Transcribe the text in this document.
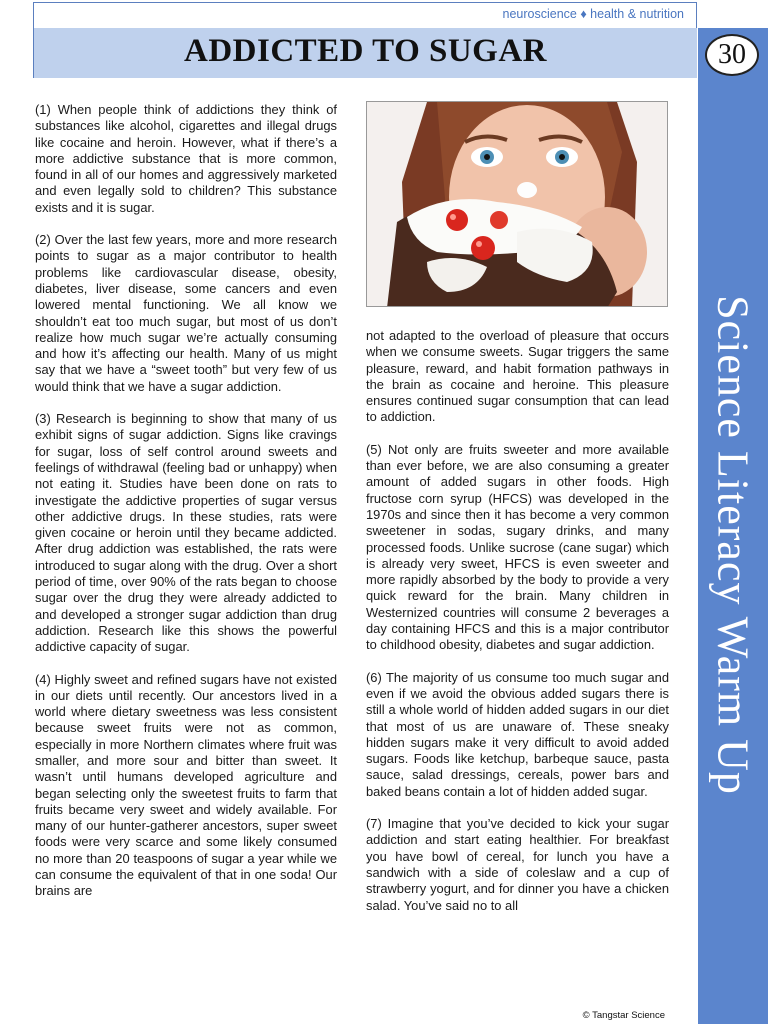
neuroscience ♦ health & nutrition
ADDICTED TO SUGAR	30
Science Literacy Warm Up

(1) When people think of addictions they think of substances like alcohol, cigarettes and illegal drugs like cocaine and heroin. However, what if there’s a more addictive substance that is more common, found in all of our homes and aggressively marketed and even legally sold to children? This substance exists and it is sugar.

(2) Over the last few years, more and more research points to sugar as a major contributor to health problems like cardiovascular disease, obesity, diabetes, liver disease, some cancers and even lowered mental functioning. We all know we shouldn’t eat too much sugar, but most of us don’t realize how much sugar we’re actually consuming and how it’s affecting our health. Many of us might say that we have a “sweet tooth” but very few of us would think that we have a sugar addiction.

(3) Research is beginning to show that many of us exhibit signs of sugar addiction. Signs like cravings for sugar, loss of self control around sweets and feelings of withdrawal (feeling bad or unhappy) when not eating it. Studies have been done on rats to investigate the addictive properties of sugar versus other addictive drugs. In these studies, rats were given cocaine or heroin until they became addicted. After drug addiction was established, the rats were introduced to sugar along with the drug. Over a short period of time, over 90% of the rats began to choose sugar over the drug they were already addicted to and developed a stronger sugar addiction than drug addiction. Research like this shows the powerful addictive capacity of sugar.

(4) Highly sweet and refined sugars have not existed in our diets until recently. Our ancestors lived in a world where dietary sweetness was less consistent because sweet fruits were not as common, especially in more Northern climates where fruit was smaller, and more sour and bitter than sweet. It wasn’t until humans developed agriculture and began selecting only the sweetest fruits to farm that fruits became very sweet and widely available. For many of our hunter-gatherer ancestors, super sweet foods were very scarce and some likely consumed no more than 20 teaspoons of sugar a year while we can consume the equivalent of that in one soda! Our brains are

not adapted to the overload of pleasure that occurs when we consume sweets. Sugar triggers the same pleasure, reward, and habit formation pathways in the brain as cocaine and heroine. This pleasure ensures continued sugar consumption that can lead to addiction.

(5) Not only are fruits sweeter and more available than ever before, we are also consuming a greater amount of added sugars in other foods. High fructose corn syrup (HFCS) was developed in the 1970s and since then it has become a very common sweetener in sodas, sugary drinks, and many processed foods. Unlike sucrose (cane sugar) which is already very sweet, HFCS is even sweeter and more rapidly absorbed by the body to provide a very quick reward for the brain. Many children in Westernized countries will consume 2 beverages a day containing HFCS and this is a major contributor to childhood obesity, diabetes and sugar addiction.

(6) The majority of us consume too much sugar and even if we avoid the obvious added sugars there is still a whole world of hidden added sugars in our diet that most of us are unaware of. These sneaky hidden sugars make it very difficult to avoid added sugars. Foods like ketchup, barbeque sauce, pasta sauce, salad dressings, cereals, power bars and baked beans contain a lot of hidden added sugar.

(7) Imagine that you’ve decided to kick your sugar addiction and start eating healthier. For breakfast you have bowl of cereal, for lunch you have a sandwich with a side of coleslaw and a cup of strawberry yogurt, and for dinner you have a chicken salad. You’ve said no to all

© Tangstar Science
